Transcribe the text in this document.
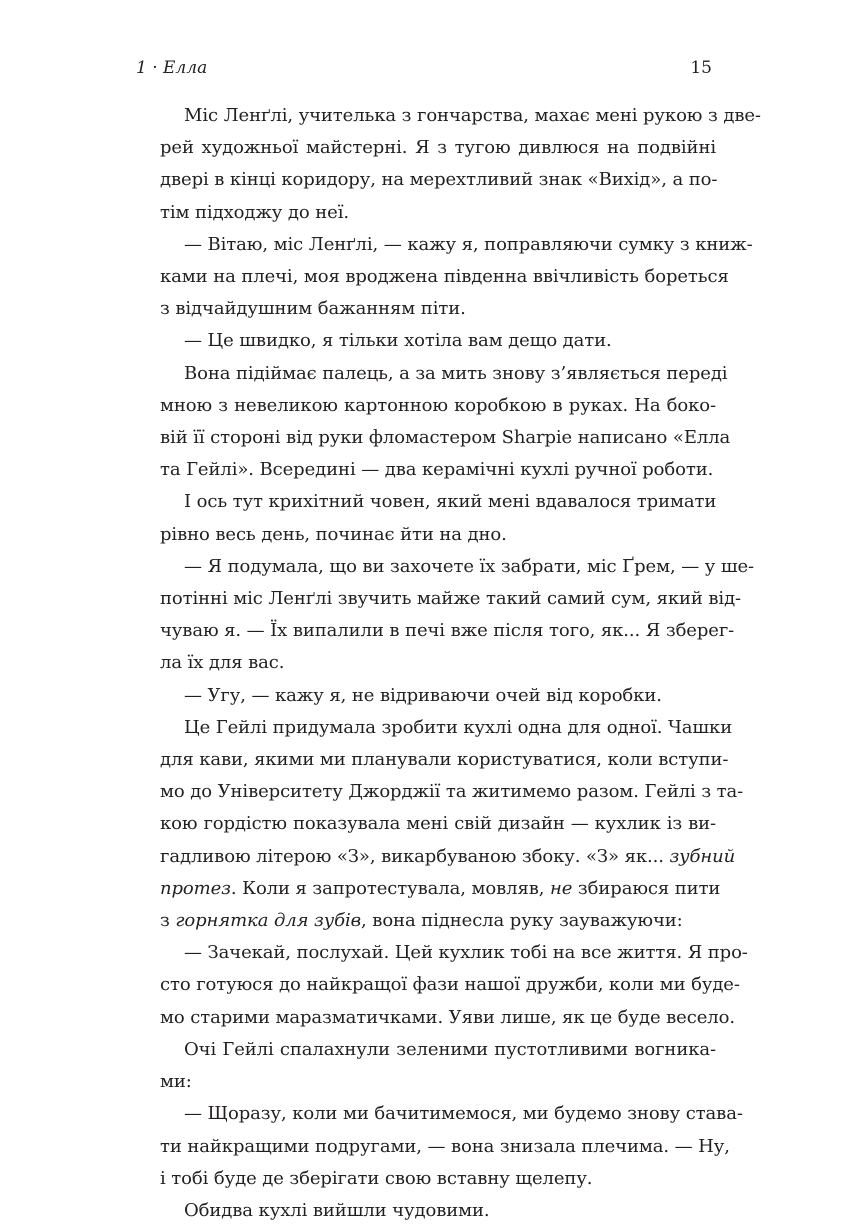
1 · Елла	15
Міс Ленґлі, учителька з гончарства, махає мені рукою з две-
рей художньої майстерні. Я з тугою дивлюся на подвійні
двері в кінці коридору, на мерехтливий знак «Вихід», а по-
тім підходжу до неї.
— Вітаю, міс Ленґлі, — кажу я, поправляючи сумку з книж-
ками на плечі, моя вроджена південна ввічливість бореться
з відчайдушним бажанням піти.
— Це швидко, я тільки хотіла вам дещо дати.
Вона підіймає палець, а за мить знову з’являється переді
мною з невеликою картонною коробкою в руках. На боко-
вій її стороні від руки фломастером Sharpie написано «Елла
та Гейлі». Всередині — два керамічні кухлі ручної роботи.
І ось тут крихітний човен, який мені вдавалося тримати
рівно весь день, починає йти на дно.
— Я подумала, що ви захочете їх забрати, міс Ґрем, — у ше-
потінні міс Ленґлі звучить майже такий самий сум, який від-
чуваю я. — Їх випалили в печі вже після того, як... Я зберег-
ла їх для вас.
— Угу, — кажу я, не відриваючи очей від коробки.
Це Гейлі придумала зробити кухлі одна для одної. Чашки
для кави, якими ми планували користуватися, коли вступи-
мо до Університету Джорджії та житимемо разом. Гейлі з та-
кою гордістю показувала мені свій дизайн — кухлик із ви-
гадливою літерою «З», викарбуваною збоку. «З» як... зубний
протез. Коли я запротестувала, мовляв, не збираюся пити
з горнятка для зубів, вона піднесла руку зауважуючи:
— Зачекай, послухай. Цей кухлик тобі на все життя. Я про-
сто готуюся до найкращої фази нашої дружби, коли ми буде-
мо старими маразматичками. Уяви лише, як це буде весело.
Очі Гейлі спалахнули зеленими пустотливими вогника-
ми:
— Щоразу, коли ми бачитимемося, ми будемо знову ставa-
ти найкращими подругами, — вона знизала плечима. — Ну,
і тобі буде де зберігати свою вставну щелепу.
Обидва кухлі вийшли чудовими.
